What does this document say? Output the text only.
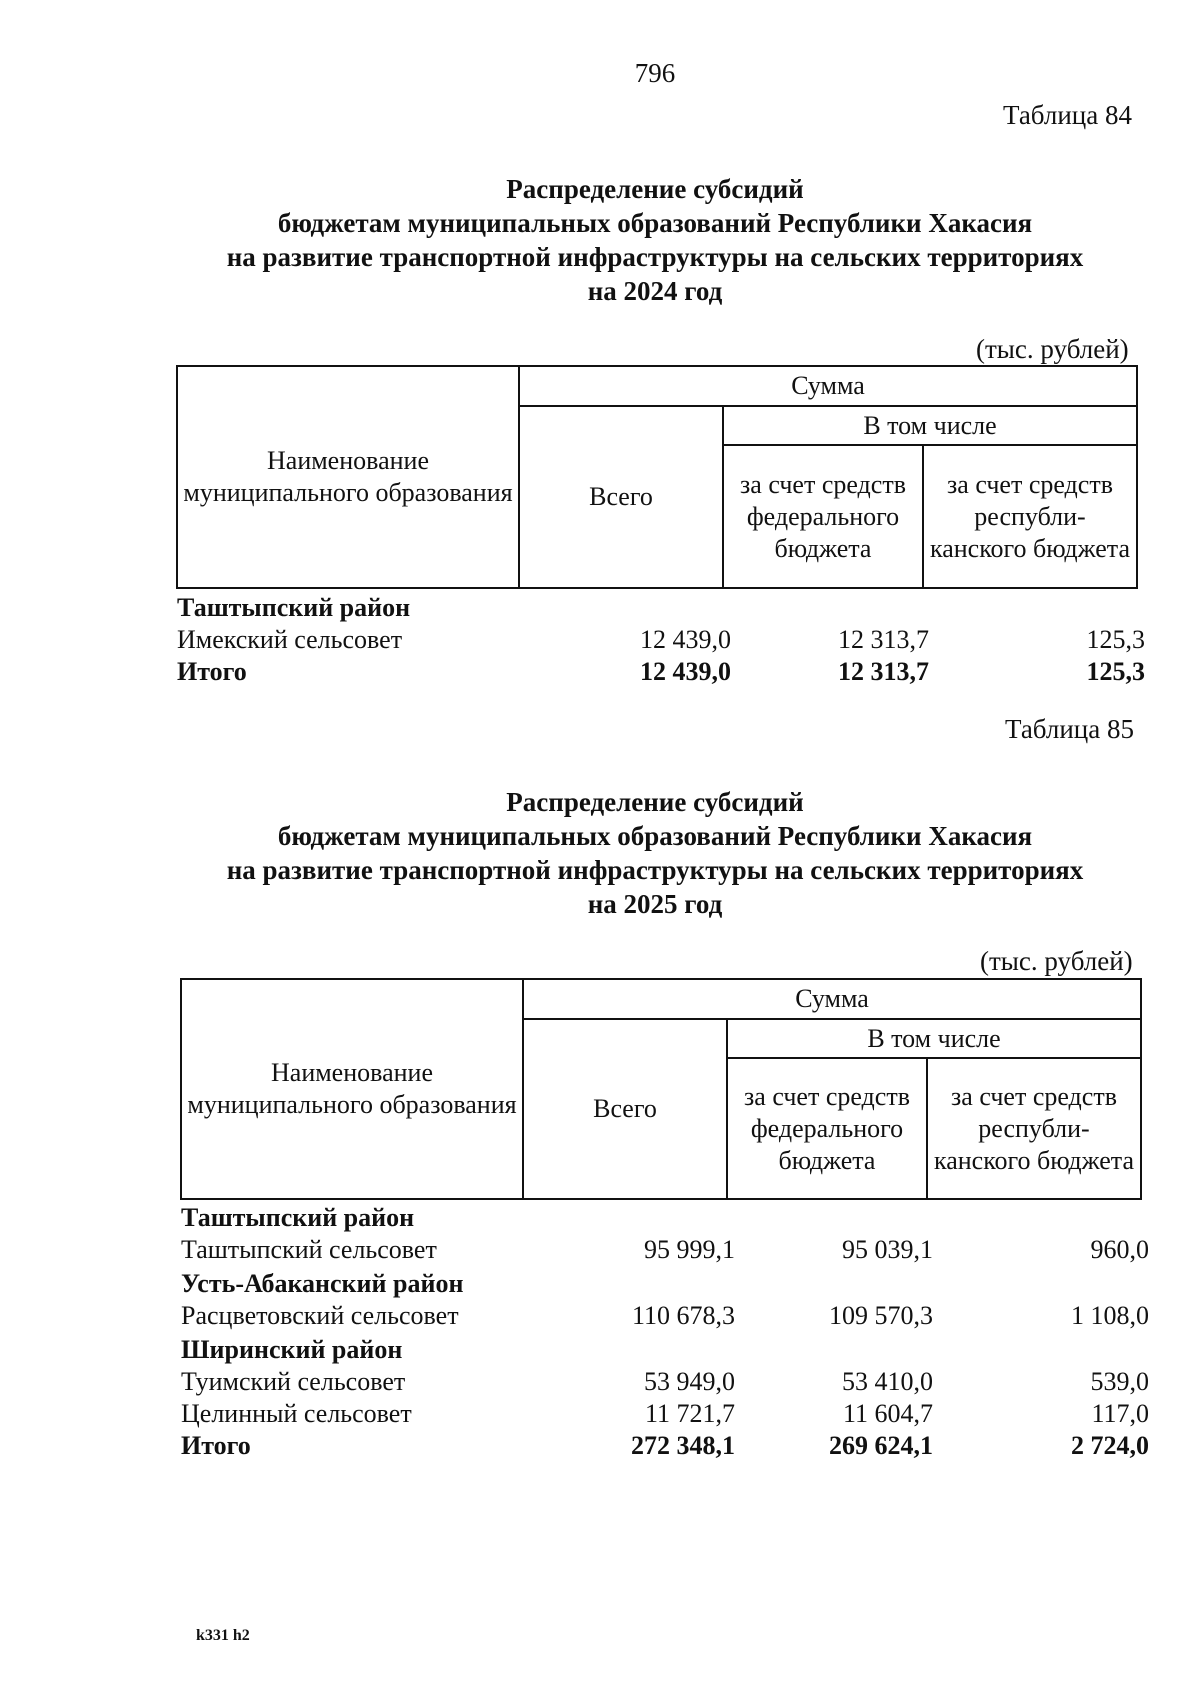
796
Таблица 84
Распределение субсидий
бюджетам муниципальных образований Республики Хакасия
на развитие транспортной инфраструктуры на сельских территориях
на 2024 год
(тыс. рублей)
Наименование муниципального образования	Сумма		
	Всего	В том числе	
		за счет средств федерального бюджета	за счет средств республи-канского бюджета
Таштыпский район
Имекский сельсовет	12 439,0	12 313,7	125,3
Итого	12 439,0	12 313,7	125,3
Таблица 85
Распределение субсидий
бюджетам муниципальных образований Республики Хакасия
на развитие транспортной инфраструктуры на сельских территориях
на 2025 год
(тыс. рублей)
Наименование муниципального образования	Сумма		
	Всего	В том числе	
		за счет средств федерального бюджета	за счет средств республи-канского бюджета
Таштыпский район
Таштыпский сельсовет	95 999,1	95 039,1	960,0
Усть-Абаканский район
Расцветовский сельсовет	110 678,3	109 570,3	1 108,0
Ширинский район
Туимский сельсовет	53 949,0	53 410,0	539,0
Целинный сельсовет	11 721,7	11 604,7	117,0
Итого	272 348,1	269 624,1	2 724,0
k331 h2
